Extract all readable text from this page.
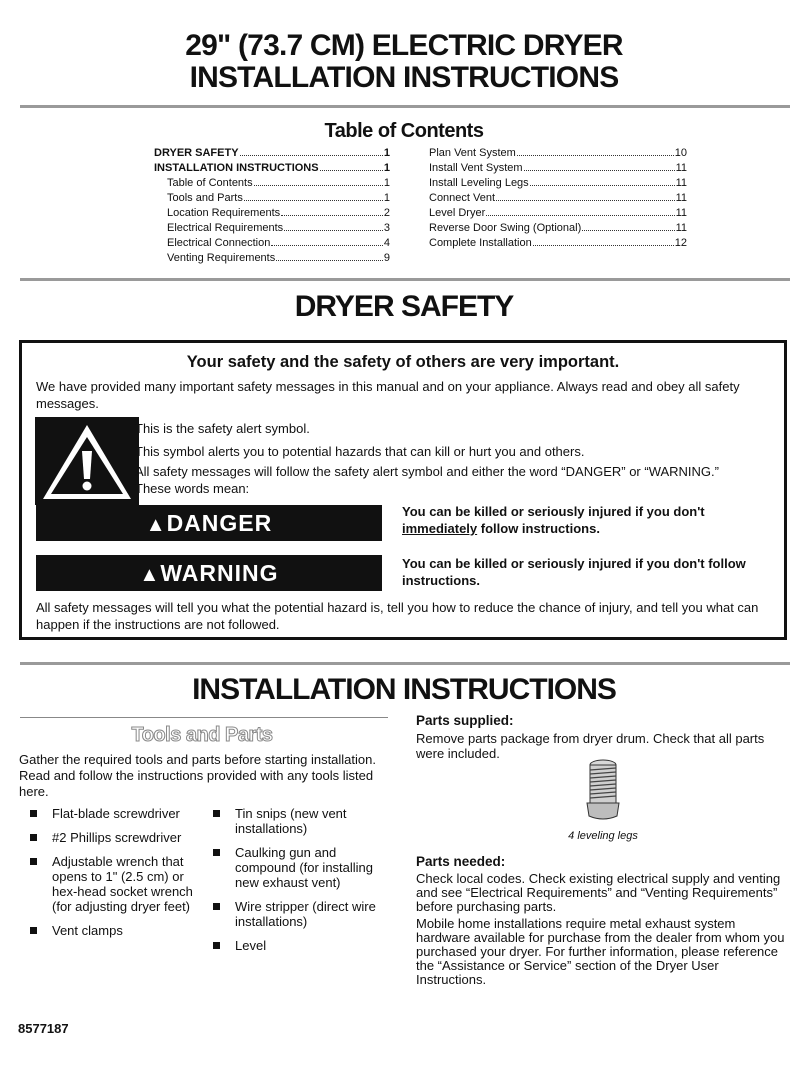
29" (73.7 CM) ELECTRIC DRYER
INSTALLATION INSTRUCTIONS
Table of Contents
DRYER SAFETY	1
INSTALLATION INSTRUCTIONS	1
Table of Contents	1
Tools and Parts	1
Location Requirements	2
Electrical Requirements	3
Electrical Connection	4
Venting Requirements	9
Plan Vent System	10
Install Vent System	11
Install Leveling Legs	11
Connect Vent	11
Level Dryer	11
Reverse Door Swing (Optional)	11
Complete Installation	12
DRYER SAFETY
Your safety and the safety of others are very important.
We have provided many important safety messages in this manual and on your appliance. Always read and obey all safety messages.
This is the safety alert symbol.
This symbol alerts you to potential hazards that can kill or hurt you and others.
All safety messages will follow the safety alert symbol and either the word “DANGER” or “WARNING.” These words mean:
▲DANGER	You can be killed or seriously injured if you don't immediately follow instructions.
▲WARNING	You can be killed or seriously injured if you don't follow instructions.
All safety messages will tell you what the potential hazard is, tell you how to reduce the chance of injury, and tell you what can happen if the instructions are not followed.
INSTALLATION INSTRUCTIONS
Tools and Parts
Gather the required tools and parts before starting installation. Read and follow the instructions provided with any tools listed here.
Flat-blade screwdriver
#2 Phillips screwdriver
Adjustable wrench that opens to 1" (2.5 cm) or hex-head socket wrench (for adjusting dryer feet)
Vent clamps
Tin snips (new vent installations)
Caulking gun and compound (for installing new exhaust vent)
Wire stripper (direct wire installations)
Level
Parts supplied:
Remove parts package from dryer drum. Check that all parts were included.
4 leveling legs
Parts needed:
Check local codes. Check existing electrical supply and venting and see “Electrical Requirements” and “Venting Requirements” before purchasing parts.
Mobile home installations require metal exhaust system hardware available for purchase from the dealer from whom you purchased your dryer. For further information, please reference the “Assistance or Service” section of the Dryer User Instructions.
8577187
